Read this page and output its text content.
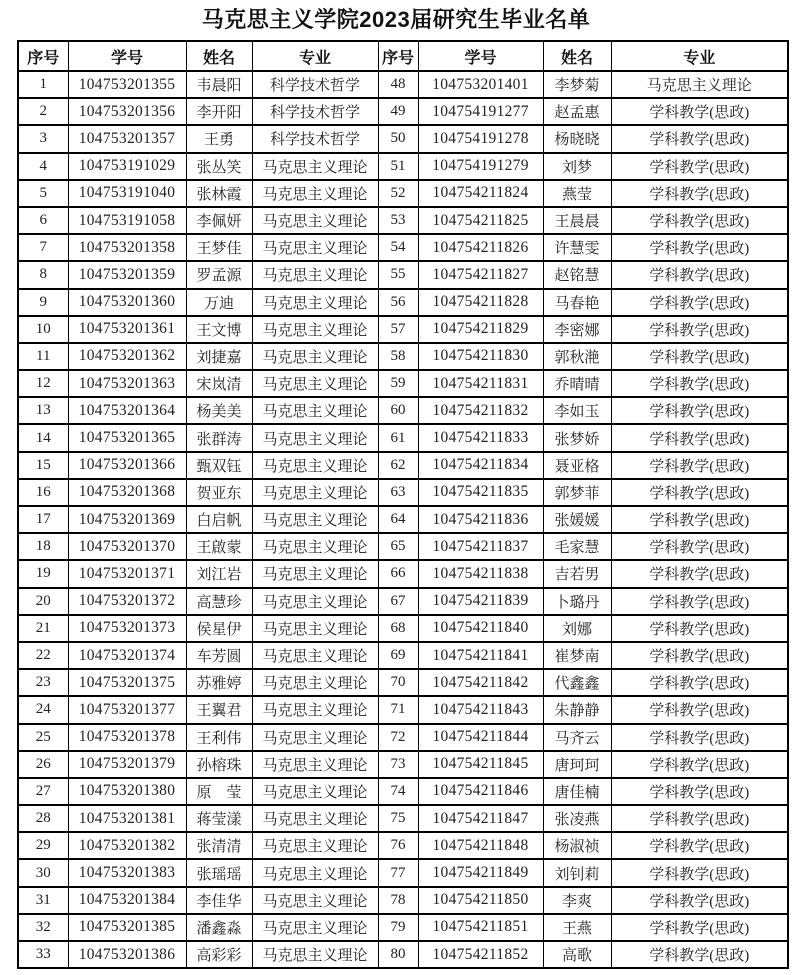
马克思主义学院2023届研究生毕业名单
序号	学号	姓名	专业	序号	学号	姓名	专业
1	104753201355	韦晨阳	科学技术哲学	48	104753201401	李梦菊	马克思主义理论
2	104753201356	李开阳	科学技术哲学	49	104754191277	赵孟惠	学科教学(思政)
3	104753201357	王勇	科学技术哲学	50	104754191278	杨晓晓	学科教学(思政)
4	104753191029	张丛笑	马克思主义理论	51	104754191279	刘梦	学科教学(思政)
5	104753191040	张林霞	马克思主义理论	52	104754211824	燕莹	学科教学(思政)
6	104753191058	李佩妍	马克思主义理论	53	104754211825	王晨晨	学科教学(思政)
7	104753201358	王梦佳	马克思主义理论	54	104754211826	许慧雯	学科教学(思政)
8	104753201359	罗孟源	马克思主义理论	55	104754211827	赵铭慧	学科教学(思政)
9	104753201360	万迪	马克思主义理论	56	104754211828	马春艳	学科教学(思政)
10	104753201361	王文博	马克思主义理论	57	104754211829	李密娜	学科教学(思政)
11	104753201362	刘捷嘉	马克思主义理论	58	104754211830	郭秋滟	学科教学(思政)
12	104753201363	宋岚清	马克思主义理论	59	104754211831	乔晴晴	学科教学(思政)
13	104753201364	杨美美	马克思主义理论	60	104754211832	李如玉	学科教学(思政)
14	104753201365	张群涛	马克思主义理论	61	104754211833	张梦娇	学科教学(思政)
15	104753201366	甄双钰	马克思主义理论	62	104754211834	聂亚格	学科教学(思政)
16	104753201368	贺亚东	马克思主义理论	63	104754211835	郭梦菲	学科教学(思政)
17	104753201369	白启帆	马克思主义理论	64	104754211836	张媛媛	学科教学(思政)
18	104753201370	王啟蒙	马克思主义理论	65	104754211837	毛家慧	学科教学(思政)
19	104753201371	刘江岩	马克思主义理论	66	104754211838	吉若男	学科教学(思政)
20	104753201372	高慧珍	马克思主义理论	67	104754211839	卜璐丹	学科教学(思政)
21	104753201373	侯星伊	马克思主义理论	68	104754211840	刘娜	学科教学(思政)
22	104753201374	车芳圆	马克思主义理论	69	104754211841	崔梦南	学科教学(思政)
23	104753201375	苏雅婷	马克思主义理论	70	104754211842	代鑫鑫	学科教学(思政)
24	104753201377	王翼君	马克思主义理论	71	104754211843	朱静静	学科教学(思政)
25	104753201378	王利伟	马克思主义理论	72	104754211844	马齐云	学科教学(思政)
26	104753201379	孙榕珠	马克思主义理论	73	104754211845	唐珂珂	学科教学(思政)
27	104753201380	原　莹	马克思主义理论	74	104754211846	唐佳楠	学科教学(思政)
28	104753201381	蒋莹漾	马克思主义理论	75	104754211847	张凌燕	学科教学(思政)
29	104753201382	张清清	马克思主义理论	76	104754211848	杨淑祯	学科教学(思政)
30	104753201383	张瑶瑶	马克思主义理论	77	104754211849	刘钊莉	学科教学(思政)
31	104753201384	李佳华	马克思主义理论	78	104754211850	李爽	学科教学(思政)
32	104753201385	潘鑫淼	马克思主义理论	79	104754211851	王燕	学科教学(思政)
33	104753201386	高彩彩	马克思主义理论	80	104754211852	高歌	学科教学(思政)
